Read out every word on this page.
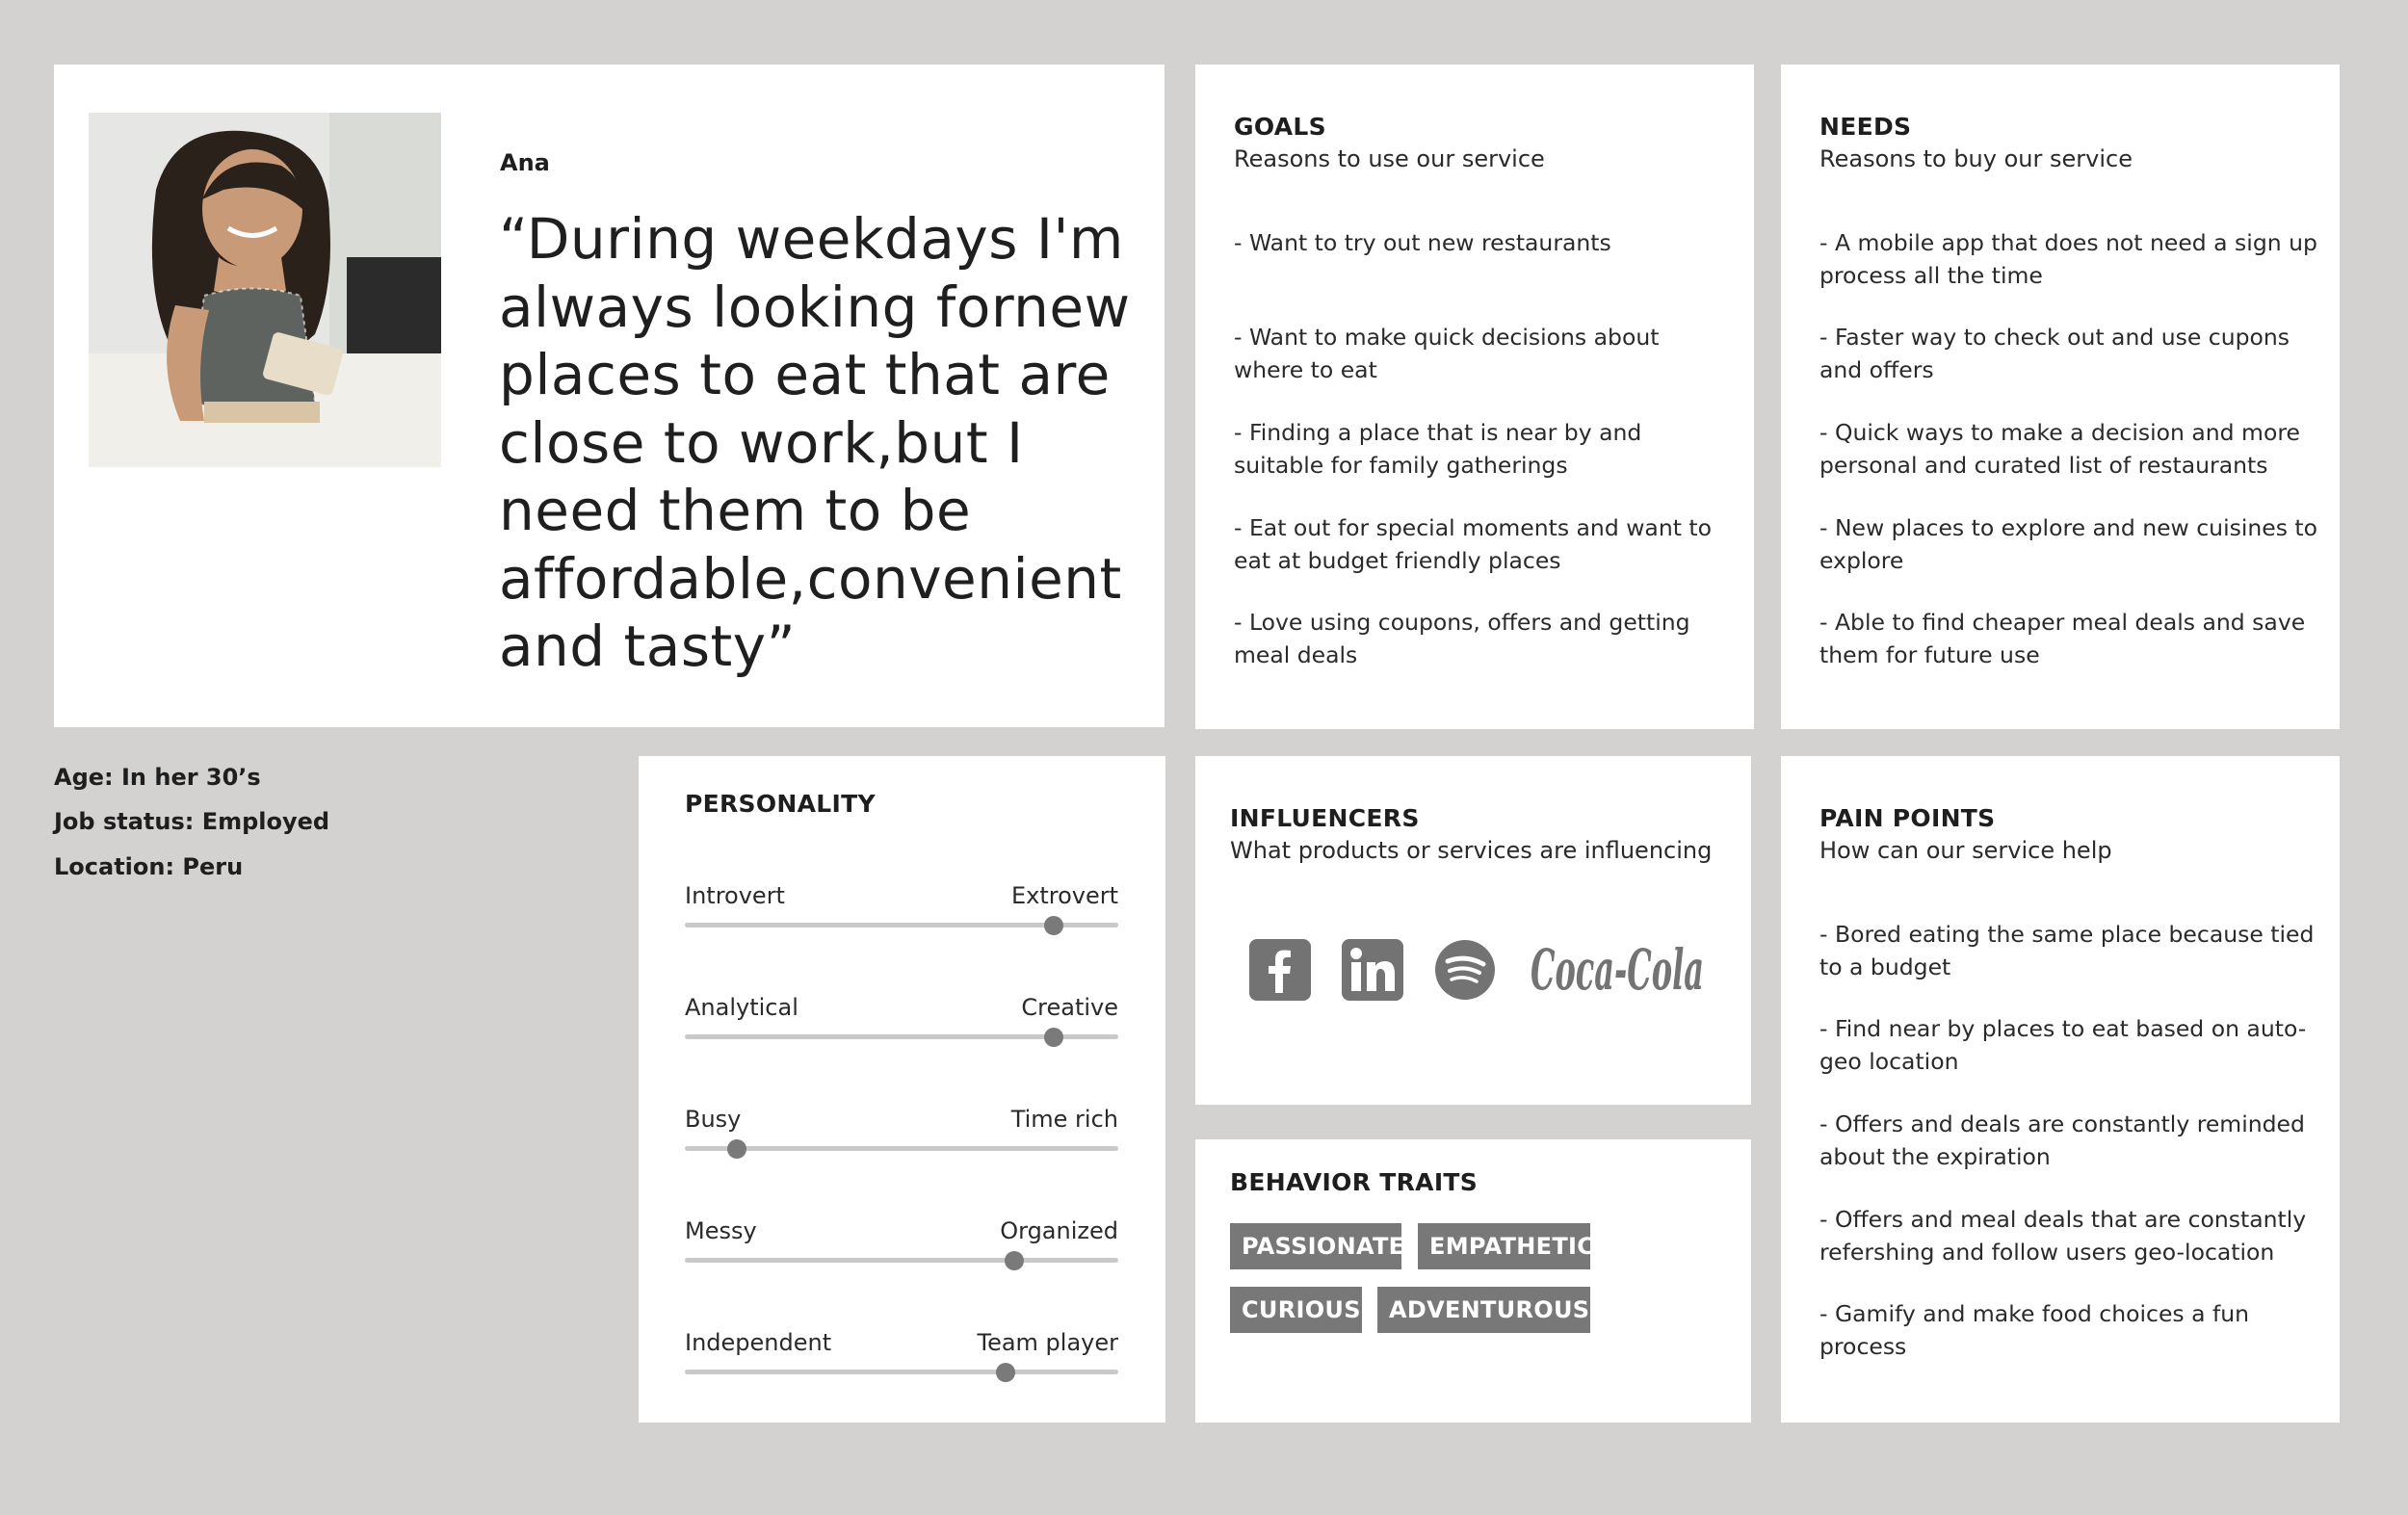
Ana
“During weekdays I'm always looking fornew places to eat that are close to work,but I need them to be affordable,convenient and tasty”
Age: In her 30’s
Job status: Employed
Location: Peru
GOALS
Reasons to use our service
- Want to try out new restaurants
- Want to make quick decisions about where to eat
- Finding a place that is near by and suitable for family gatherings
- Eat out for special moments and want to eat at budget friendly places
- Love using coupons, offers and getting meal deals
NEEDS
Reasons to buy our service
- A mobile app that does not need a sign up process all the time
- Faster way to check out and use cupons and offers
- Quick ways to make a decision and more personal and curated list of restaurants
- New places to explore and new cuisines to explore
- Able to find cheaper meal deals and save them for future use
PERSONALITY
Introvert	Extrovert
Analytical	Creative
Busy	Time rich
Messy	Organized
Independent	Team player
INFLUENCERS
What products or services are influencing
Coca-Cola
BEHAVIOR TRAITS
PASSIONATE	EMPATHETIC
CURIOUS	ADVENTUROUS
PAIN POINTS
How can our service help
- Bored eating the same place because tied to a budget
- Find near by places to eat based on auto-geo location
- Offers and deals are constantly reminded about the expiration
- Offers and meal deals that are constantly refershing and follow users geo-location
- Gamify and make food choices a fun process
